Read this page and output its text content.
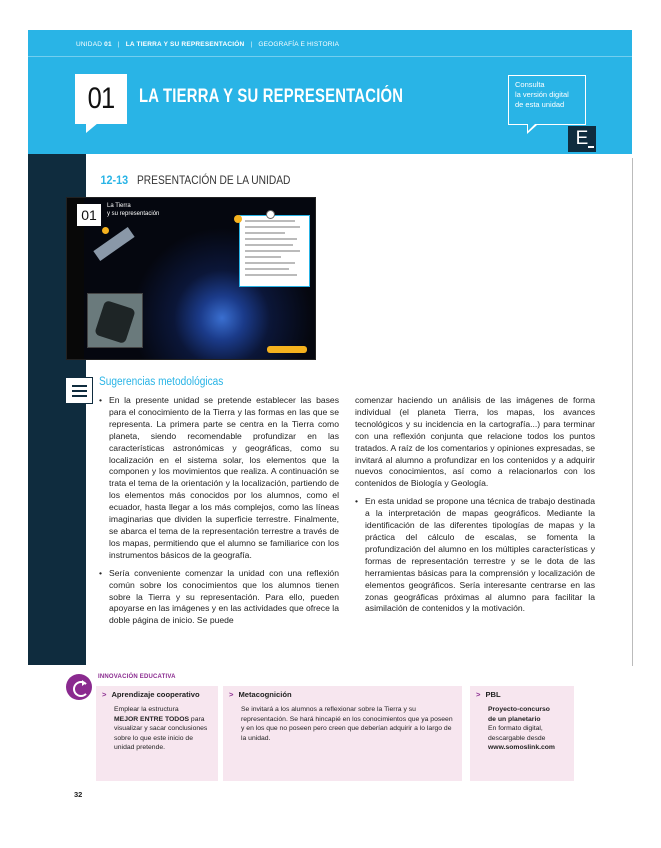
UNIDAD 01 | LA TIERRA Y SU REPRESENTACIÓN | GEOGRAFÍA E HISTORIA
01	LA TIERRA Y SU REPRESENTACIÓN
Consulta
la versión digital
de esta unidad
E
12-13 PRESENTACIÓN DE LA UNIDAD
01
La Tierra
y su representación
Sugerencias metodológicas

• En la presente unidad se pretende establecer las bases para el conocimiento de la Tierra y las formas en las que se representa. La primera parte se centra en la Tierra como planeta, siendo recomendable profundizar en las características astronómicas y geográficas, como su localización en el sistema solar, los elementos que la componen y los movimientos que realiza. A continuación se trata el tema de la orientación y la localización, partiendo de los elementos más conocidos por los alumnos, como el ecuador, hasta llegar a los más complejos, como las líneas imaginarias que dividen la superficie terrestre. Finalmente, se abarca el tema de la representación terrestre a través de los mapas, permitiendo que el alumno se familiarice con los instrumentos básicos de la geografía.

• Sería conveniente comenzar la unidad con una reflexión común sobre los conocimientos que los alumnos tienen sobre la Tierra y su representación. Para ello, pueden apoyarse en las imágenes y en las actividades que ofrece la doble página de inicio. Se puede

comenzar haciendo un análisis de las imágenes de forma individual (el planeta Tierra, los mapas, los avances tecnológicos y su incidencia en la cartografía...) para terminar con una reflexión conjunta que relacione todos los puntos tratados. A raíz de los comentarios y opiniones expresadas, se invitará al alumno a profundizar en los contenidos y a adquirir nuevos conocimientos, así como a relacionarlos con los contenidos de Biología y Geología.

• En esta unidad se propone una técnica de trabajo destinada a la interpretación de mapas geográficos. Mediante la identificación de las diferentes tipologías de mapas y la práctica del cálculo de escalas, se fomenta la profundización del alumno en los múltiples características y formas de representación terrestre y se le dota de las herramientas básicas para la comprensión y localización de elementos geográficos. Sería interesante centrarse en las zonas geográficas próximas al alumno para facilitar la asimilación de contenidos y la motivación.

INNOVACIÓN EDUCATIVA
> Aprendizaje cooperativo
Emplear la estructura
MEJOR ENTRE TODOS para visualizar y sacar conclusiones sobre lo que este inicio de unidad pretende.
> Metacognición
Se invitará a los alumnos a reflexionar sobre la Tierra y su representación. Se hará hincapié en los conocimientos que ya poseen y en los que no poseen pero creen que deberían adquirir a lo largo de la unidad.
> PBL
Proyecto-concurso
de un planetario
En formato digital,
descargable desde
www.somoslink.com
32
